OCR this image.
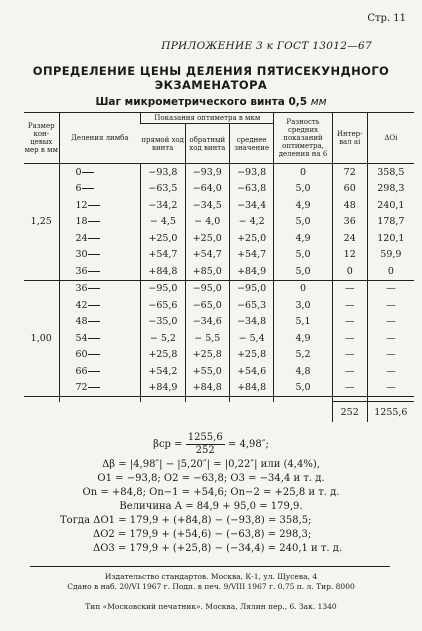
Стр. 11
ПРИЛОЖЕНИЕ 3 к ГОСТ 13012—67
ОПРЕДЕЛЕНИЕ ЦЕНЫ ДЕЛЕНИЯ ПЯТИСЕКУНДНОГО
ЭКЗАМЕНАТОРА
Шаг микрометрического винта 0,5 мм
Размер кон-цевых мер в мм	Деления лимба	Показания оптиметра в мкм			Разность средних показаний оптиметра, деления на 6	Интер-вал ai	ΔOi
		прямой ход винта	обратный ход винта	среднее значение			
1,25	0	−93,8	−93,9	−93,8	0	72	358,5
	6	−63,5	−64,0	−63,8	5,0	60	298,3
	12	−34,2	−34,5	−34,4	4,9	48	240,1
	18	− 4,5	− 4,0	− 4,2	5,0	36	178,7
	24	+25,0	+25,0	+25,0	4,9	24	120,1
	30	+54,7	+54,7	+54,7	5,0	12	59,9
	36	+84,8	+85,0	+84,9	5,0	0	0
1,00	36	−95,0	−95,0	−95,0	0	—	—
	42	−65,6	−65,0	−65,3	3,0	—	—
	48	−35,0	−34,6	−34,8	5,1	—	—
	54	− 5,2	− 5,5	− 5,4	4,9	—	—
	60	+25,8	+25,8	+25,8	5,2	—	—
	66	+54,2	+55,0	+54,6	4,8	—	—
	72	+84,9	+84,8	+84,8	5,0	—	—

						252	1255,6
$\beta ср = \frac{1255,6}{252} = 4,98''$;
Δβ = |4,98″| − |5,20″| = |0,22″| или (4,4%),
O1 = −93,8; O2 = −63,8; O3 = −34,4 и т. д.
On = +84,8; On−1 = +54,6; On−2 = +25,8 и т. д.
Величина A = 84,9 + 95,0 = 179,9.
Тогда ΔO1 = 179,9 + (+84,8) − (−93,8) = 358,5;
ΔO2 = 179,9 + (+54,6) − (−63,8) = 298,3;
ΔO3 = 179,9 + (+25,8) − (−34,4) = 240,1 и т. д.
Издательство стандартов. Москва, К-1, ул. Щусева, 4
Сдано в наб. 20/VI 1967 г. Подп. в печ. 9/VIII 1967 г. 0,75 п. л. Тир. 8000
Тип «Московский печатник». Москва, Лялин пер., 6. Зак. 1340
